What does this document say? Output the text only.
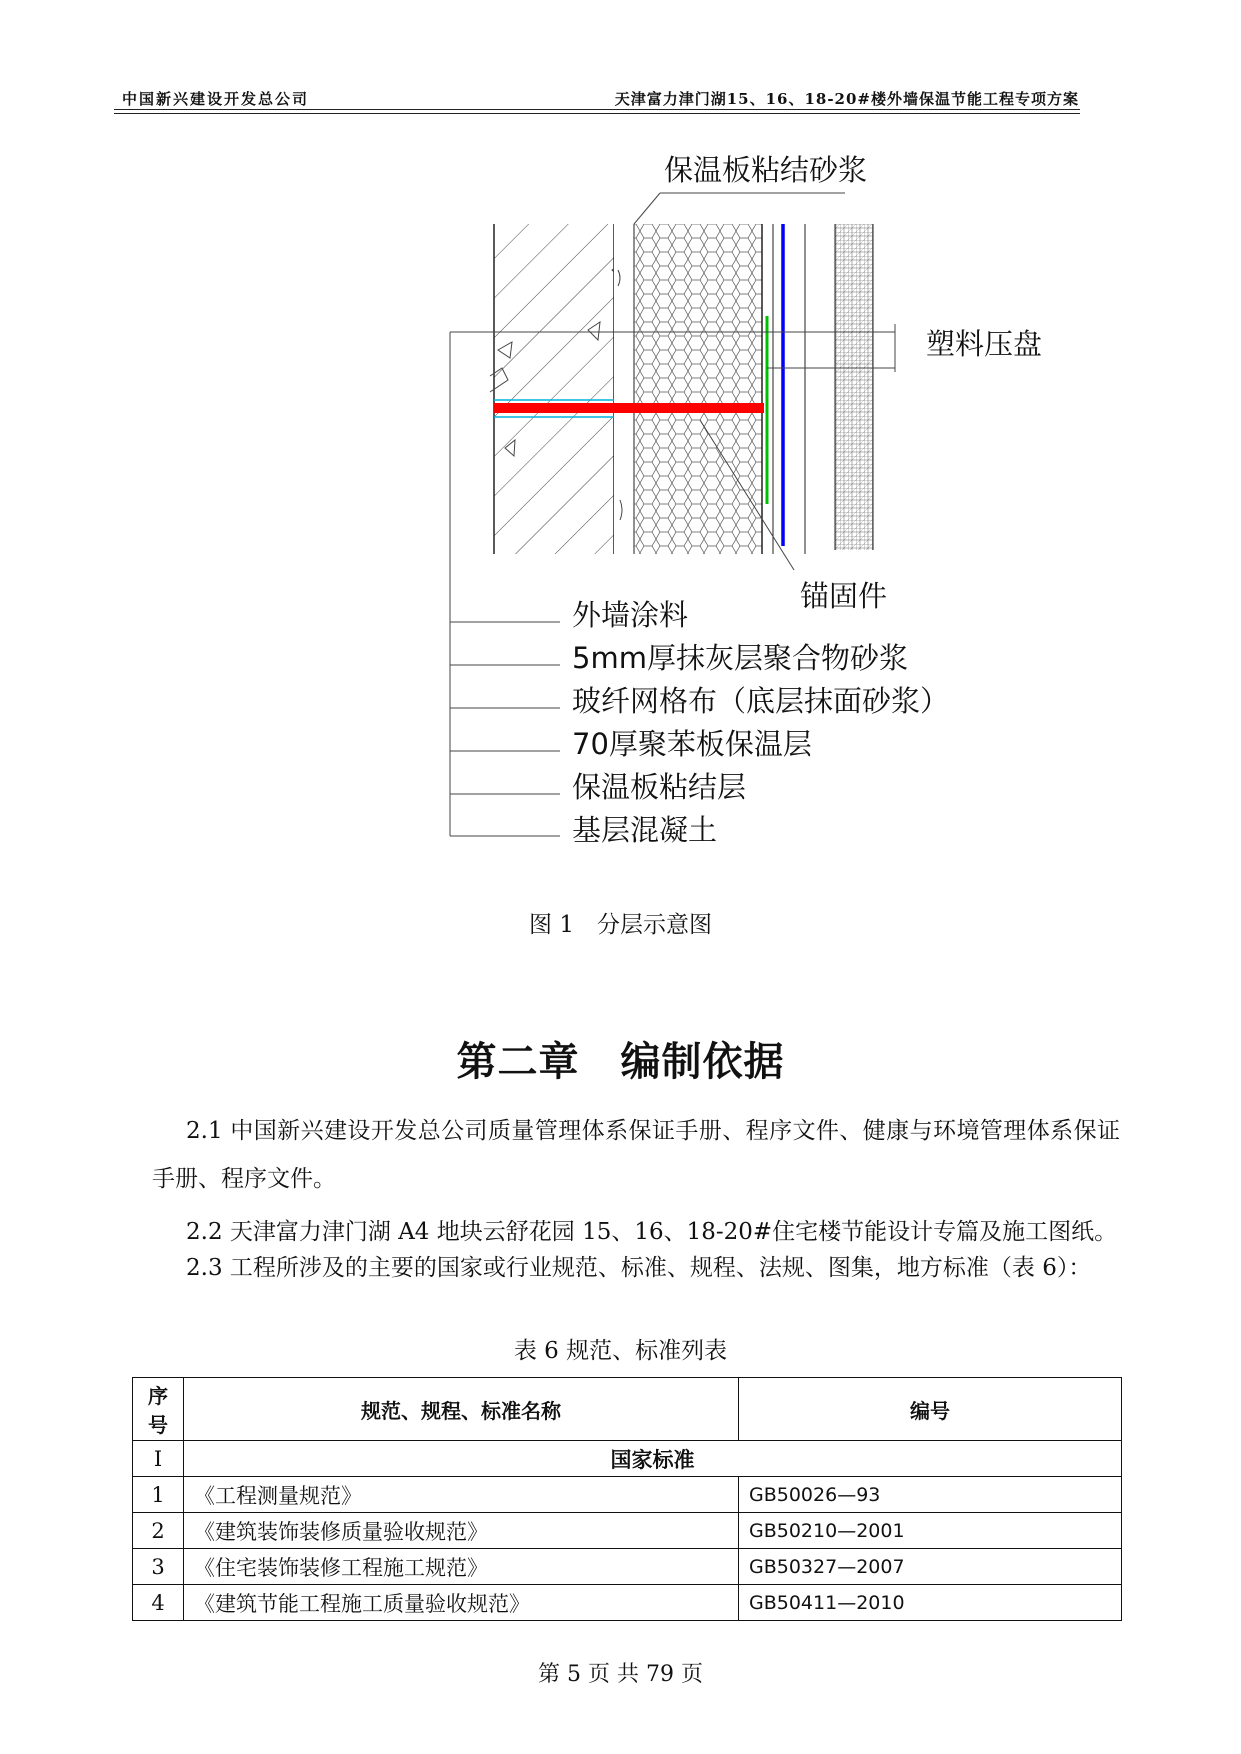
中国新兴建设开发总公司	天津富力津门湖15、16、18-20#楼外墙保温节能工程专项方案
保温板粘结砂浆
塑料压盘
锚固件
外墙涂料
5mm厚抹灰层聚合物砂浆
玻纤网格布（底层抹面砂浆）
70厚聚苯板保温层
保温板粘结层
基层混凝土
图 1　分层示意图
第二章　编制依据
2.1 中国新兴建设开发总公司质量管理体系保证手册、程序文件、健康与环境管理体系保证手册、程序文件。
2.2 天津富力津门湖 A4 地块云舒花园 15、16、18-20#住宅楼节能设计专篇及施工图纸。
2.3 工程所涉及的主要的国家或行业规范、标准、规程、法规、图集，地方标准（表 6）：
表 6 规范、标准列表
序号	规范、规程、标准名称	编号
I	国家标准	
1	《工程测量规范》	GB50026—93
2	《建筑装饰装修质量验收规范》	GB50210—2001
3	《住宅装饰装修工程施工规范》	GB50327—2007
4	《建筑节能工程施工质量验收规范》	GB50411—2010
第 5 页 共 79 页
